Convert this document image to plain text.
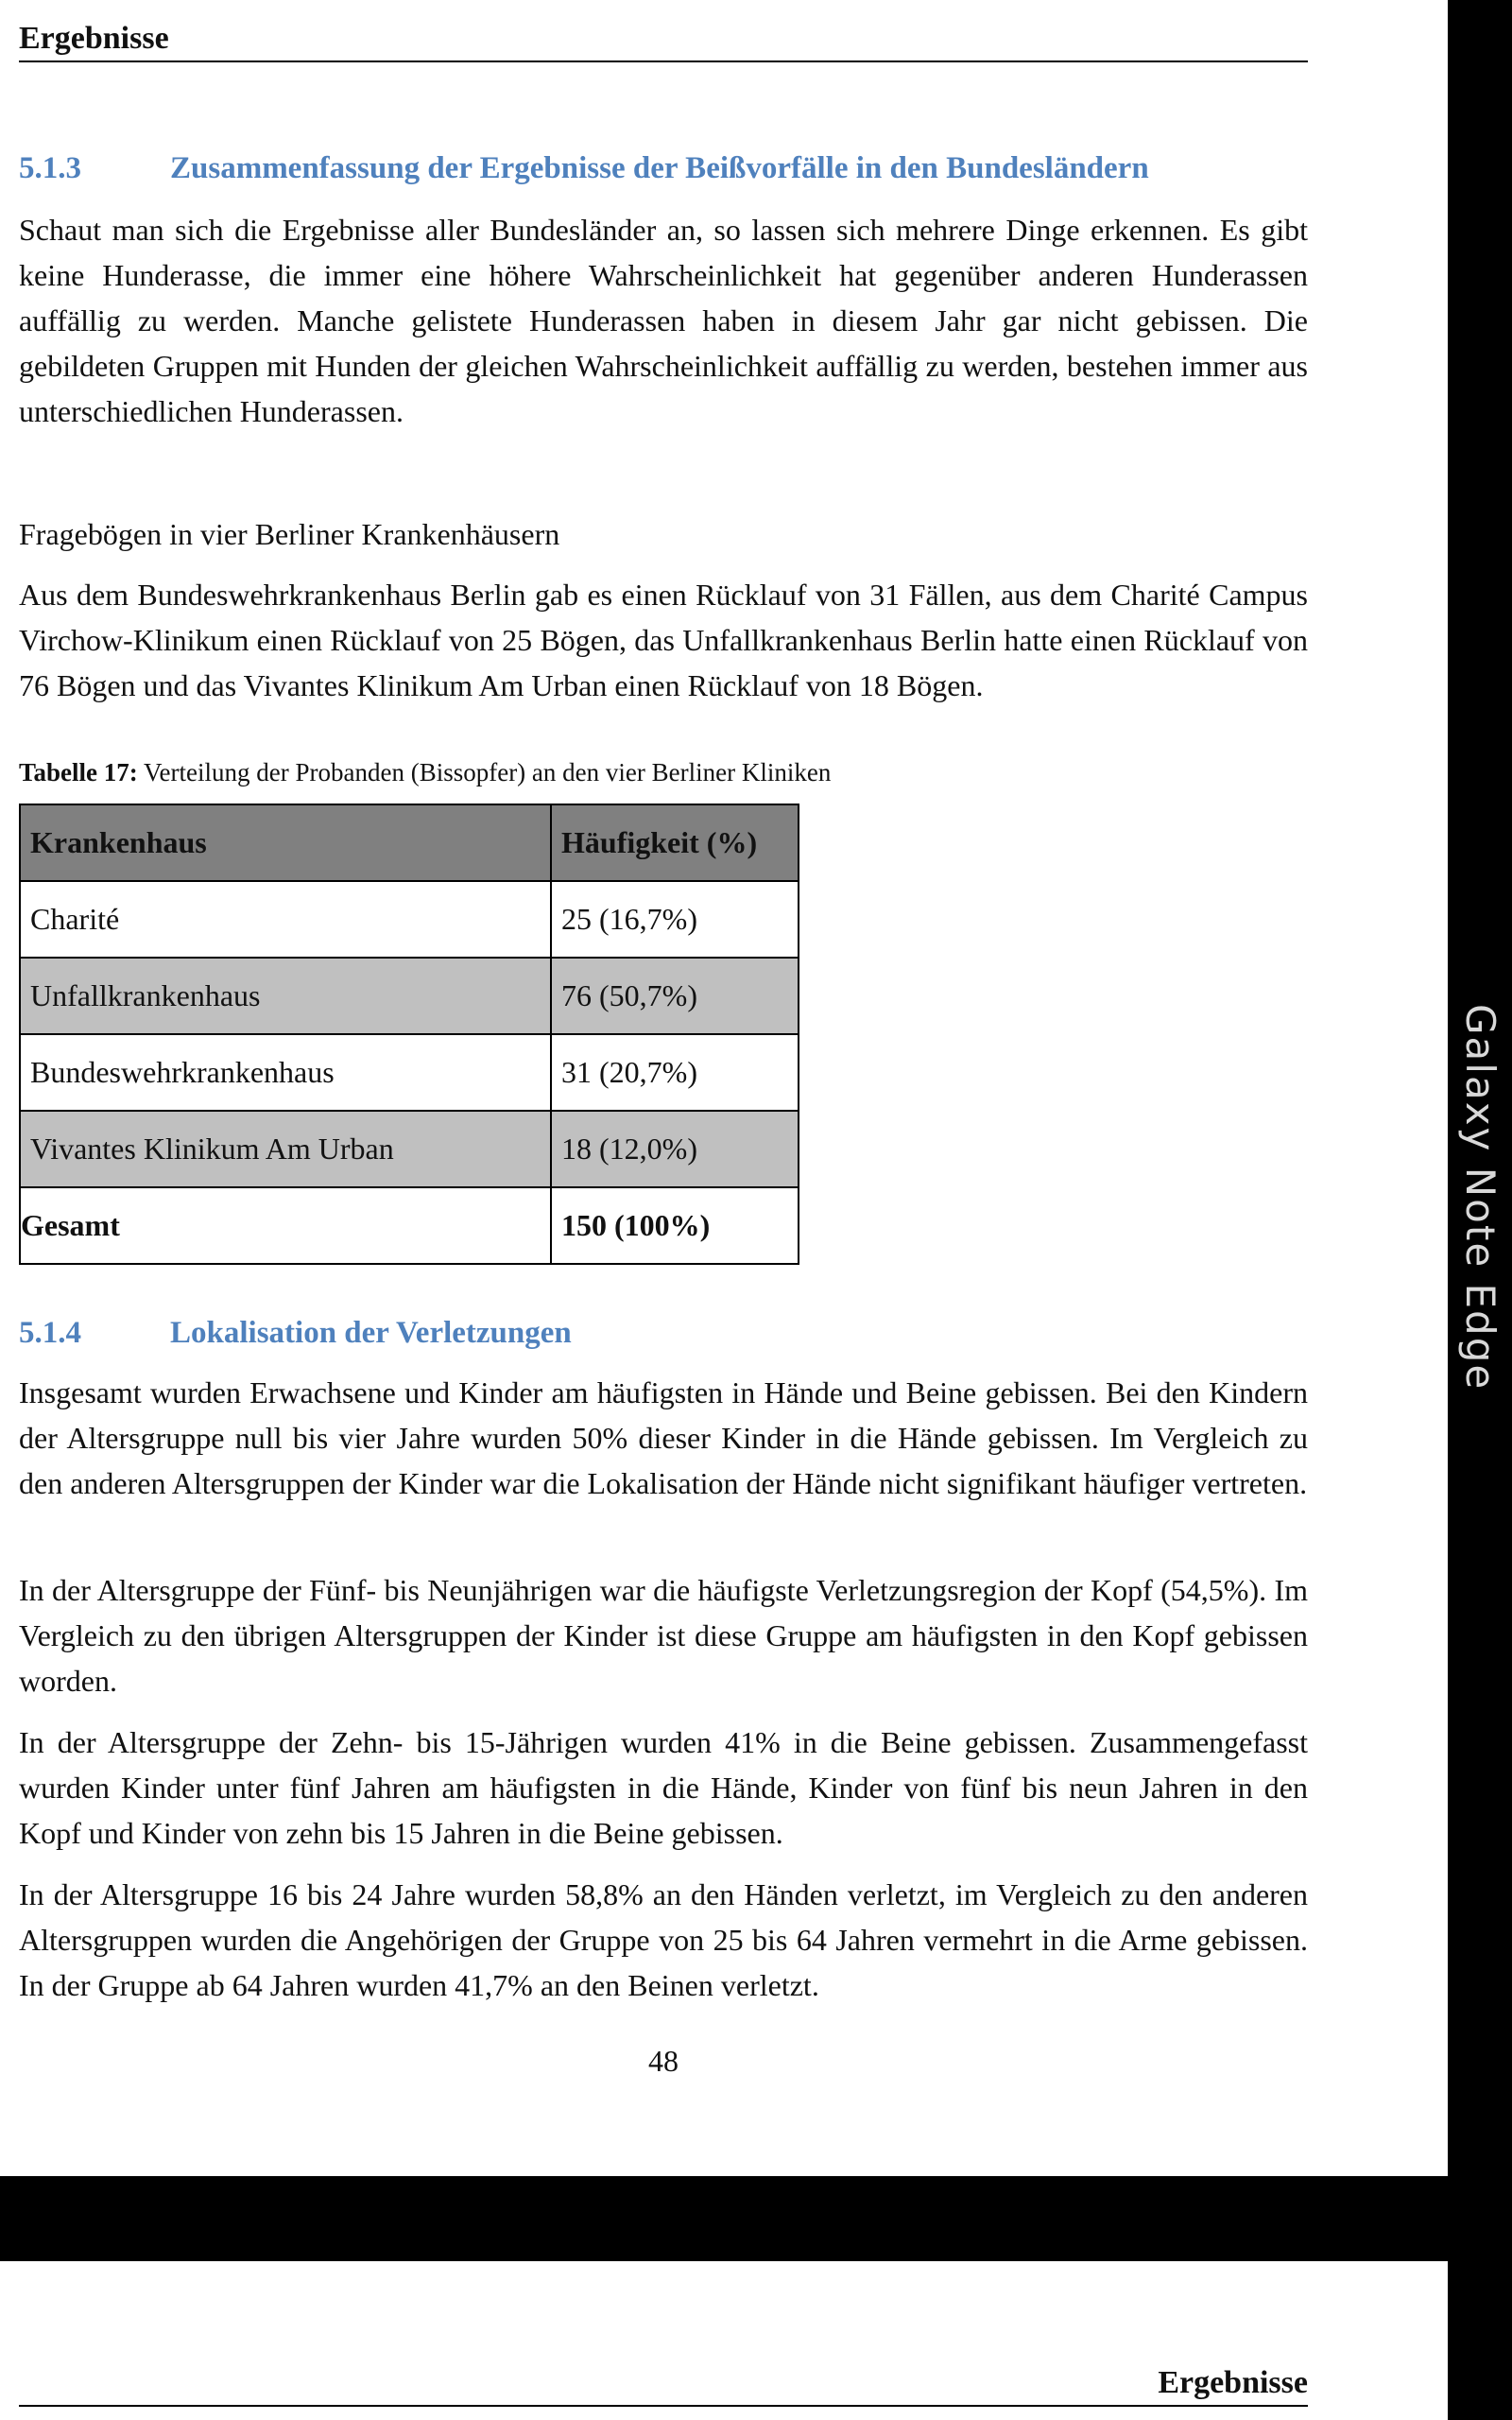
Ergebnisse
5.1.3	Zusammenfassung der Ergebnisse der Beißvorfälle in den Bundesländern
Schaut man sich die Ergebnisse aller Bundesländer an, so lassen sich mehrere Dinge erkennen. Es gibt keine Hunderasse, die immer eine höhere Wahrscheinlichkeit hat gegenüber anderen Hunderassen auffällig zu werden. Manche gelistete Hunderassen haben in diesem Jahr gar nicht gebissen. Die gebildeten Gruppen mit Hunden der gleichen Wahrscheinlichkeit auffällig zu werden, bestehen immer aus unterschiedlichen Hunderassen.
Fragebögen in vier Berliner Krankenhäusern
Aus dem Bundeswehrkrankenhaus Berlin gab es einen Rücklauf von 31 Fällen, aus dem Charité Campus Virchow-Klinikum einen Rücklauf von 25 Bögen, das Unfallkrankenhaus Berlin hatte einen Rücklauf von 76 Bögen und das Vivantes Klinikum Am Urban einen Rücklauf von 18 Bögen.
Tabelle 17: Verteilung der Probanden (Bissopfer) an den vier Berliner Kliniken
Krankenhaus	Häufigkeit (%)
Charité	25 (16,7%)
Unfallkrankenhaus	76 (50,7%)
Bundeswehrkrankenhaus	31 (20,7%)
Vivantes Klinikum Am Urban	18 (12,0%)
Gesamt	150 (100%)
5.1.4	Lokalisation der Verletzungen
Insgesamt wurden Erwachsene und Kinder am häufigsten in Hände und Beine gebissen. Bei den Kindern der Altersgruppe null bis vier Jahre wurden 50% dieser Kinder in die Hände gebissen. Im Vergleich zu den anderen Altersgruppen der Kinder war die Lokalisation der Hände nicht signifikant häufiger vertreten.
In der Altersgruppe der Fünf- bis Neunjährigen war die häufigste Verletzungsregion der Kopf (54,5%). Im Vergleich zu den übrigen Altersgruppen der Kinder ist diese Gruppe am häufigsten in den Kopf gebissen worden.
In der Altersgruppe der Zehn- bis 15-Jährigen wurden 41% in die Beine gebissen. Zusammengefasst wurden Kinder unter fünf Jahren am häufigsten in die Hände, Kinder von fünf bis neun Jahren in den Kopf und Kinder von zehn bis 15 Jahren in die Beine gebissen.
In der Altersgruppe 16 bis 24 Jahre wurden 58,8% an den Händen verletzt, im Vergleich zu den anderen Altersgruppen wurden die Angehörigen der Gruppe von 25 bis 64 Jahren vermehrt in die Arme gebissen. In der Gruppe ab 64 Jahren wurden 41,7% an den Beinen verletzt.
48
Ergebnisse
Galaxy Note Edge
